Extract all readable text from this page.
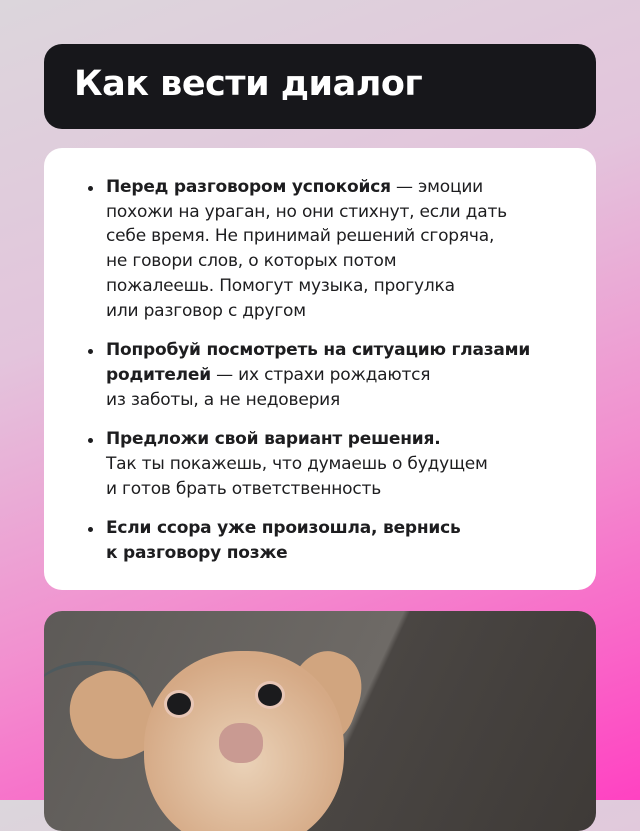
Как вести диалог
Перед разговором успокойся — эмоции
похожи на ураган, но они стихнут, если дать
себе время. Не принимай решений сгоряча,
не говори слов, о которых потом
пожалеешь. Помогут музыка, прогулка
или разговор с другом
Попробуй посмотреть на ситуацию глазами
родителей — их страхи рождаются
из заботы, а не недоверия
Предложи свой вариант решения.
Так ты покажешь, что думаешь о будущем
и готов брать ответственность
Если ссора уже произошла, вернись
к разговору позже
